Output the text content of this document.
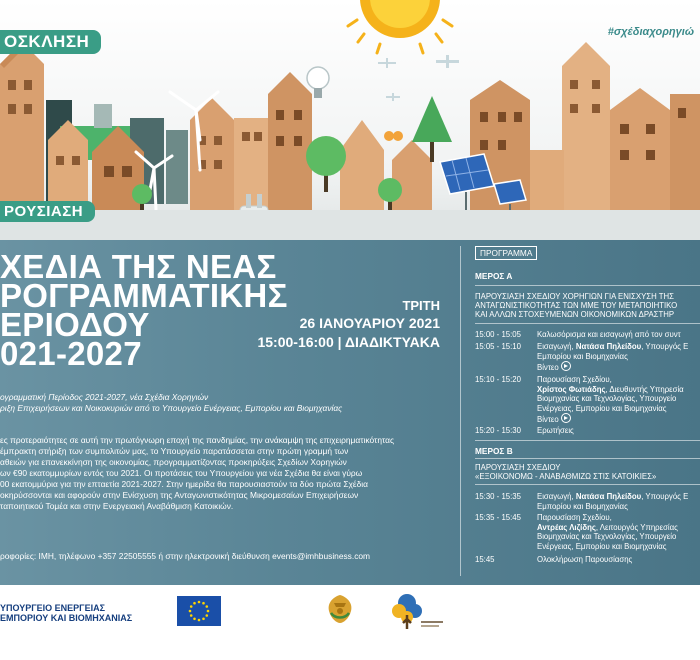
ΟΣΚΛΗΣΗ
ΡΟΥΣΙΑΣΗ
#σχέδιαχορηγιώ
ΧΕΔΙΑ ΤΗΣ ΝΕΑΣ
ΡΟΓΡΑΜΜΑΤΙΚΗΣ
ΕΡΙΟΔΟΥ
021-2027
ΤΡΙΤΗ
26 ΙΑΝΟΥΑΡΙΟΥ 2021
15:00-16:00 | ΔΙΑΔΙΚΤΥΑΚΑ
ογραμματική Περίοδος 2021-2027, νέα Σχέδια Χορηγιών
ριξη Επιχειρήσεων και Νοικοκυριών από το Υπουργείο Ενέργειας, Εμπορίου και Βιομηχανίας
ες προτεραιότητες σε αυτή την πρωτόγνωρη εποχή της πανδημίας, την ανάκαμψη της επιχειρηματικότητας
έμπρακτη στήριξη των συμπολιτών μας, το Υπουργείο παρατάσσεται στην πρώτη γραμμή των
αθειών για επανεκκίνηση της οικονομίας, προγραμματίζοντας προκηρύξεις Σχεδίων Χορηγιών
ων €90 εκατομμυρίων εντός του 2021. Οι προτάσεις του Υπουργείου για νέα Σχέδια θα είναι γύρω
00 εκατομμύρια για την επταετία 2021-2027. Στην ημερίδα θα παρουσιαστούν τα δύο πρώτα Σχέδια
οκηρύσσονται και αφορούν στην Ενίσχυση της Ανταγωνιστικότητας Μικρομεσαίων Επιχειρήσεων
ταποιητικού Τομέα και στην Ενεργειακή Αναβάθμιση Κατοικιών.
ροφορίες: ΙΜΗ, τηλέφωνο +357 22505555 ή στην ηλεκτρονική διεύθυνση events@imhbusiness.com
ΠΡΟΓΡΑΜΜΑ
ΜΕΡΟΣ Α
ΠΑΡΟΥΣΙΑΣΗ ΣΧΕΔΙΟΥ ΧΟΡΗΓΙΩΝ ΓΙΑ ΕΝΙΣΧΥΣΗ ΤΗΣ
ΑΝΤΑΓΩΝΙΣΤΙΚΟΤΗΤΑΣ ΤΩΝ ΜΜΕ ΤΟΥ ΜΕΤΑΠΟΙΗΤΙΚΟ
ΚΑΙ ΑΛΛΩΝ ΣΤΟΧΕΥΜΕΝΩΝ ΟΙΚΟΝΟΜΙΚΩΝ ΔΡΑΣΤΗΡ
15:00 - 15:05 Καλωσόρισμα και εισαγωγή από τον συντ
15:05 - 15:10 Εισαγωγή, Νατάσα Πηλείδου, Υπουργός Ε
Εμπορίου και Βιομηχανίας
Βίντεο
15:10 - 15:20 Παρουσίαση Σχεδίου,
Χρίστος Φωτιάδης, Διευθυντής Υπηρεσία
Βιομηχανίας και Τεχνολογίας, Υπουργείο
Ενέργειας, Εμπορίου και Βιομηχανίας
Βίντεο
15:20 - 15:30 Ερωτήσεις
ΜΕΡΟΣ Β
ΠΑΡΟΥΣΙΑΣΗ ΣΧΕΔΙΟΥ
«ΕΞΟΙΚΟΝΟΜΩ - ΑΝΑΒΑΘΜΙΖΩ ΣΤΙΣ ΚΑΤΟΙΚΙΕΣ»
15:30 - 15:35 Εισαγωγή, Νατάσα Πηλείδου, Υπουργός Ε
Εμπορίου και Βιομηχανίας
15:35 - 15:45 Παρουσίαση Σχεδίου,
Αντρέας Λιζίδης, Λειτουργός Υπηρεσίας
Βιομηχανίας και Τεχνολογίας, Υπουργείο
Ενέργειας, Εμπορίου και Βιομηχανίας
15:45	Ολοκλήρωση Παρουσίασης
ΥΠΟΥΡΓΕΙΟ ΕΝΕΡΓΕΙΑΣ
ΕΜΠΟΡΙΟΥ ΚΑΙ ΒΙΟΜΗΧΑΝΙΑΣ
